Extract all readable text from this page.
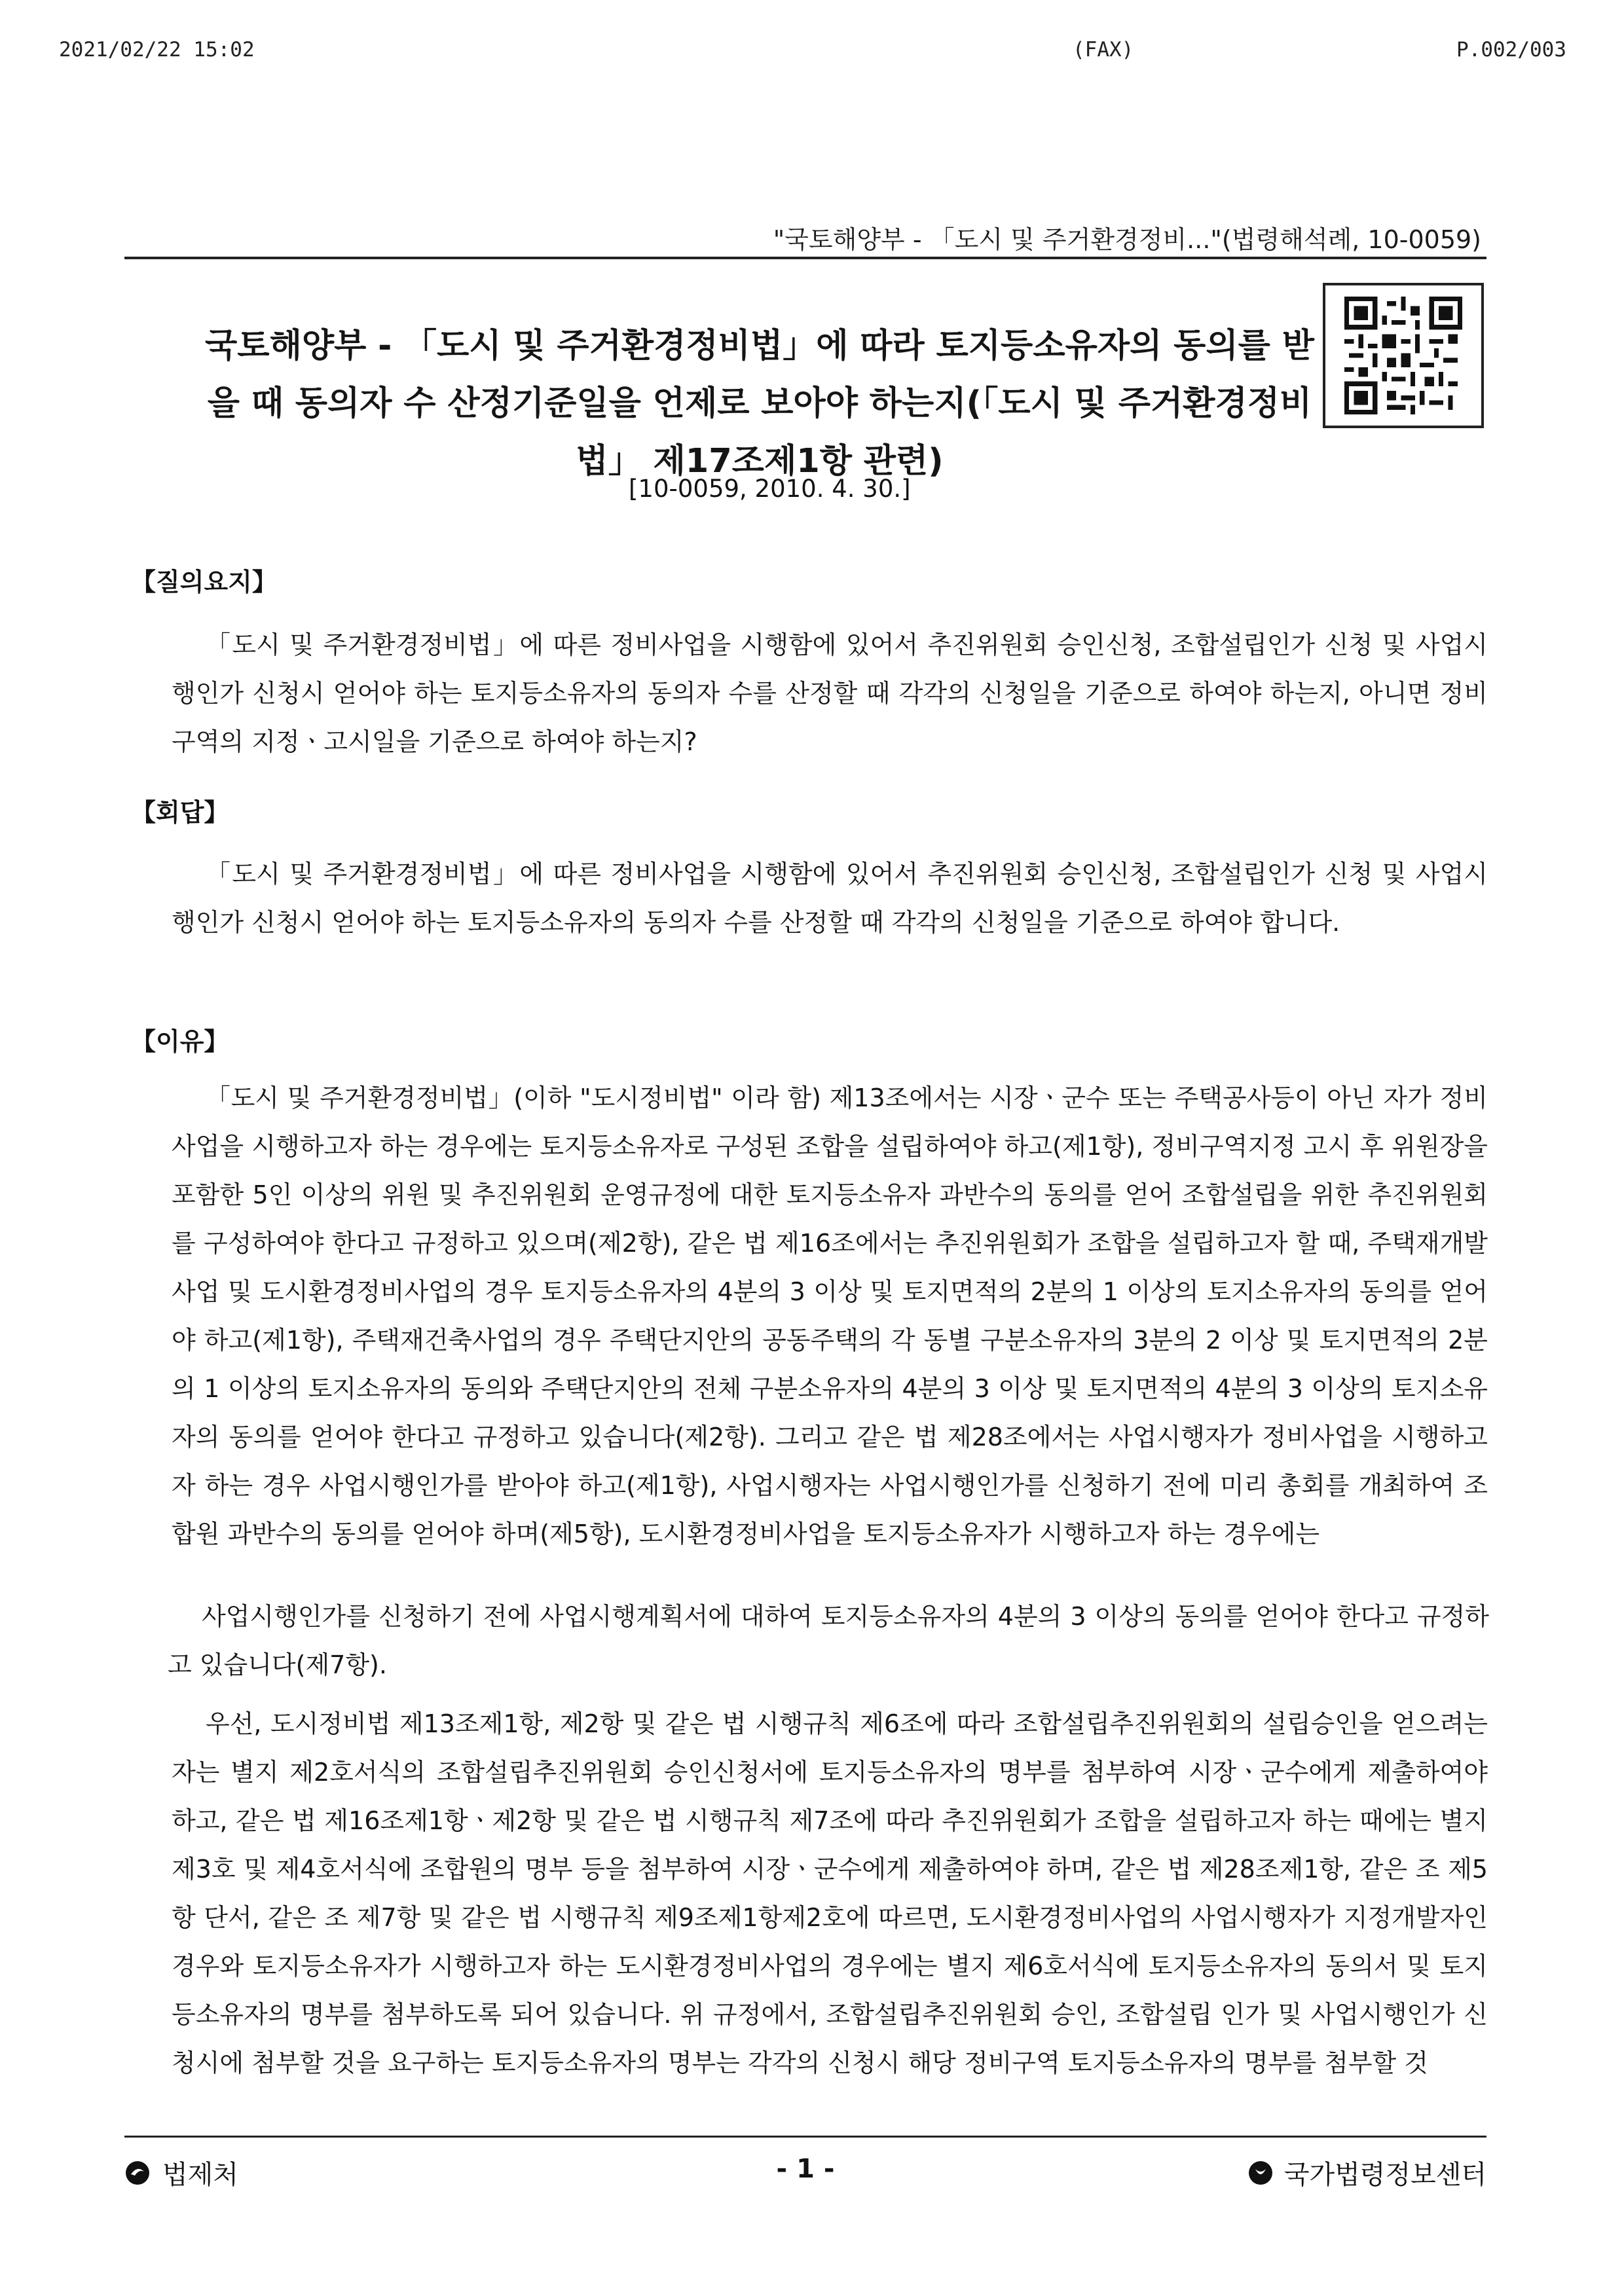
2021/02/22 15:02	(FAX)	P.002/003
"국토해양부 - 「도시 및 주거환경정비..."(법령해석례, 10-0059)
국토해양부 - 「도시 및 주거환경정비법」에 따라 토지등소유자의 동의를 받을 때 동의자 수 산정기준일을 언제로 보아야 하는지(「도시 및 주거환경정비법」 제17조제1항 관련)
[10-0059, 2010. 4. 30.]
【질의요지】
「도시 및 주거환경정비법」에 따른 정비사업을 시행함에 있어서 추진위원회 승인신청, 조합설립인가 신청 및 사업시행인가 신청시 얻어야 하는 토지등소유자의 동의자 수를 산정할 때 각각의 신청일을 기준으로 하여야 하는지, 아니면 정비구역의 지정ㆍ고시일을 기준으로 하여야 하는지?
【회답】
「도시 및 주거환경정비법」에 따른 정비사업을 시행함에 있어서 추진위원회 승인신청, 조합설립인가 신청 및 사업시행인가 신청시 얻어야 하는 토지등소유자의 동의자 수를 산정할 때 각각의 신청일을 기준으로 하여야 합니다.
【이유】
「도시 및 주거환경정비법」(이하 "도시정비법" 이라 함) 제13조에서는 시장ㆍ군수 또는 주택공사등이 아닌 자가 정비사업을 시행하고자 하는 경우에는 토지등소유자로 구성된 조합을 설립하여야 하고(제1항), 정비구역지정 고시 후 위원장을 포함한 5인 이상의 위원 및 추진위원회 운영규정에 대한 토지등소유자 과반수의 동의를 얻어 조합설립을 위한 추진위원회를 구성하여야 한다고 규정하고 있으며(제2항), 같은 법 제16조에서는 추진위원회가 조합을 설립하고자 할 때, 주택재개발사업 및 도시환경정비사업의 경우 토지등소유자의 4분의 3 이상 및 토지면적의 2분의 1 이상의 토지소유자의 동의를 얻어야 하고(제1항), 주택재건축사업의 경우 주택단지안의 공동주택의 각 동별 구분소유자의 3분의 2 이상 및 토지면적의 2분의 1 이상의 토지소유자의 동의와 주택단지안의 전체 구분소유자의 4분의 3 이상 및 토지면적의 4분의 3 이상의 토지소유자의 동의를 얻어야 한다고 규정하고 있습니다(제2항). 그리고 같은 법 제28조에서는 사업시행자가 정비사업을 시행하고자 하는 경우 사업시행인가를 받아야 하고(제1항), 사업시행자는 사업시행인가를 신청하기 전에 미리 총회를 개최하여 조합원 과반수의 동의를 얻어야 하며(제5항), 도시환경정비사업을 토지등소유자가 시행하고자 하는 경우에는
사업시행인가를 신청하기 전에 사업시행계획서에 대하여 토지등소유자의 4분의 3 이상의 동의를 얻어야 한다고 규정하고 있습니다(제7항).
우선, 도시정비법 제13조제1항, 제2항 및 같은 법 시행규칙 제6조에 따라 조합설립추진위원회의 설립승인을 얻으려는 자는 별지 제2호서식의 조합설립추진위원회 승인신청서에 토지등소유자의 명부를 첨부하여 시장ㆍ군수에게 제출하여야 하고, 같은 법 제16조제1항ㆍ제2항 및 같은 법 시행규칙 제7조에 따라 추진위원회가 조합을 설립하고자 하는 때에는 별지 제3호 및 제4호서식에 조합원의 명부 등을 첨부하여 시장ㆍ군수에게 제출하여야 하며, 같은 법 제28조제1항, 같은 조 제5항 단서, 같은 조 제7항 및 같은 법 시행규칙 제9조제1항제2호에 따르면, 도시환경정비사업의 사업시행자가 지정개발자인 경우와 토지등소유자가 시행하고자 하는 도시환경정비사업의 경우에는 별지 제6호서식에 토지등소유자의 동의서 및 토지등소유자의 명부를 첨부하도록 되어 있습니다. 위 규정에서, 조합설립추진위원회 승인, 조합설립 인가 및 사업시행인가 신청시에 첨부할 것을 요구하는 토지등소유자의 명부는 각각의 신청시 해당 정비구역 토지등소유자의 명부를 첨부할 것
법제처	- 1 -	국가법령정보센터
